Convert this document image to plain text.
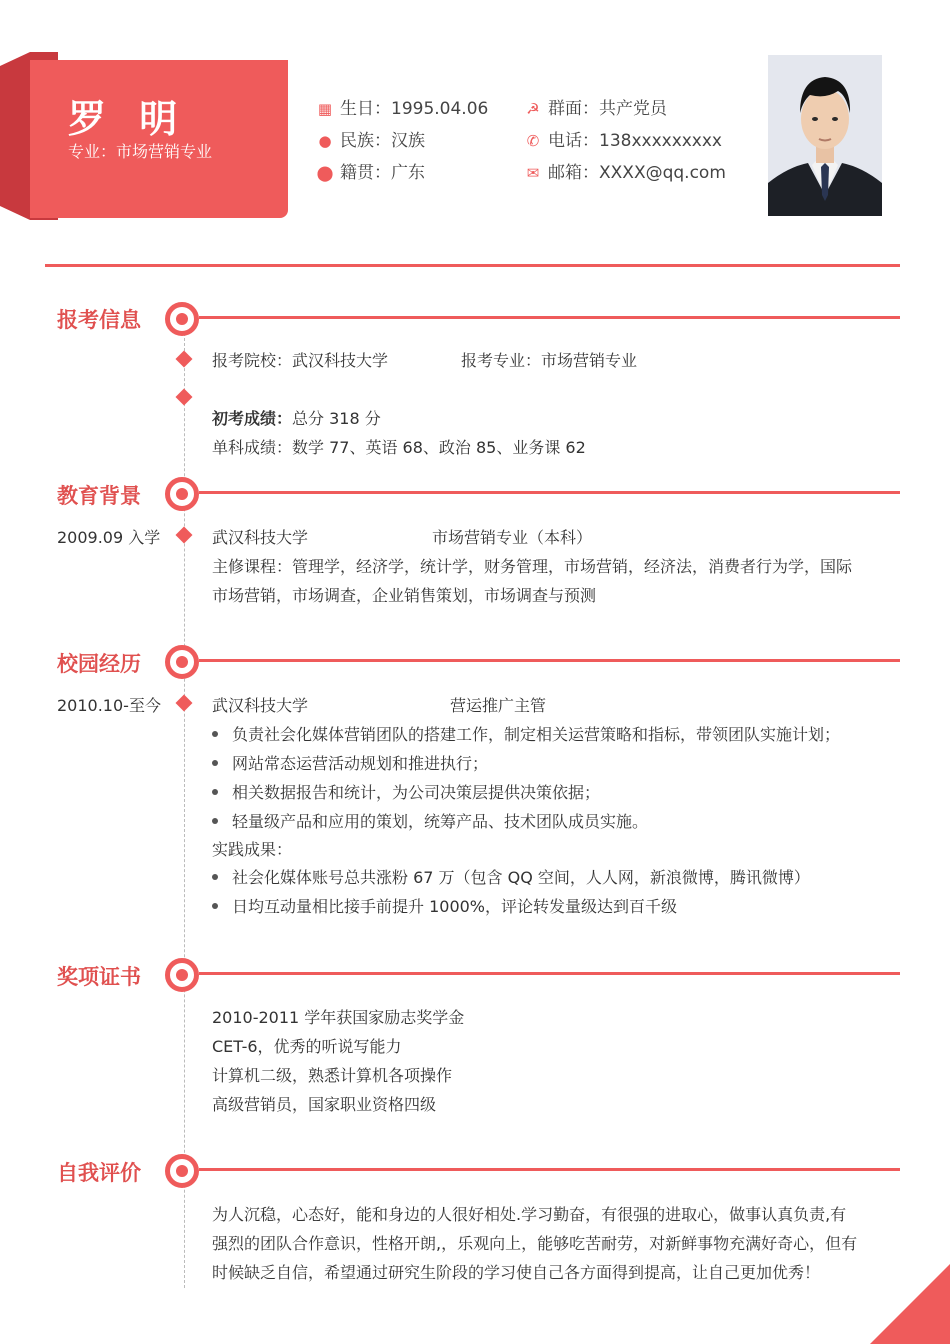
罗 明
专业：市场营销专业
▦ 生日：1995.04.06	☭ 群面：共产党员
● 民族：汉族	✆ 电话：138xxxxxxxxx
⬤ 籍贯：广东	✉ 邮箱：XXXX@qq.com
报考信息
报考院校：武汉科技大学	报考专业：市场营销专业
初考成绩：总分 318 分
单科成绩：数学 77、英语 68、政治 85、业务课 62
教育背景
2009.09 入学	武汉科技大学	市场营销专业（本科）
主修课程：管理学，经济学，统计学，财务管理，市场营销，经济法，消费者行为学，国际
市场营销，市场调查，企业销售策划，市场调查与预测
校园经历
2010.10-至今	武汉科技大学	营运推广主管
负责社会化媒体营销团队的搭建工作，制定相关运营策略和指标，带领团队实施计划；
网站常态运营活动规划和推进执行；
相关数据报告和统计，为公司决策层提供决策依据；
轻量级产品和应用的策划，统筹产品、技术团队成员实施。
实践成果：
社会化媒体账号总共涨粉 67 万（包含 QQ 空间，人人网，新浪微博，腾讯微博）
日均互动量相比接手前提升 1000%，评论转发量级达到百千级
奖项证书
2010-2011 学年获国家励志奖学金
CET-6，优秀的听说写能力
计算机二级，熟悉计算机各项操作
高级营销员，国家职业资格四级
自我评价
为人沉稳，心态好，能和身边的人很好相处.学习勤奋，有很强的进取心，做事认真负责,有
强烈的团队合作意识，性格开朗,，乐观向上，能够吃苦耐劳，对新鲜事物充满好奇心，但有
时候缺乏自信，希望通过研究生阶段的学习使自己各方面得到提高，让自己更加优秀！
